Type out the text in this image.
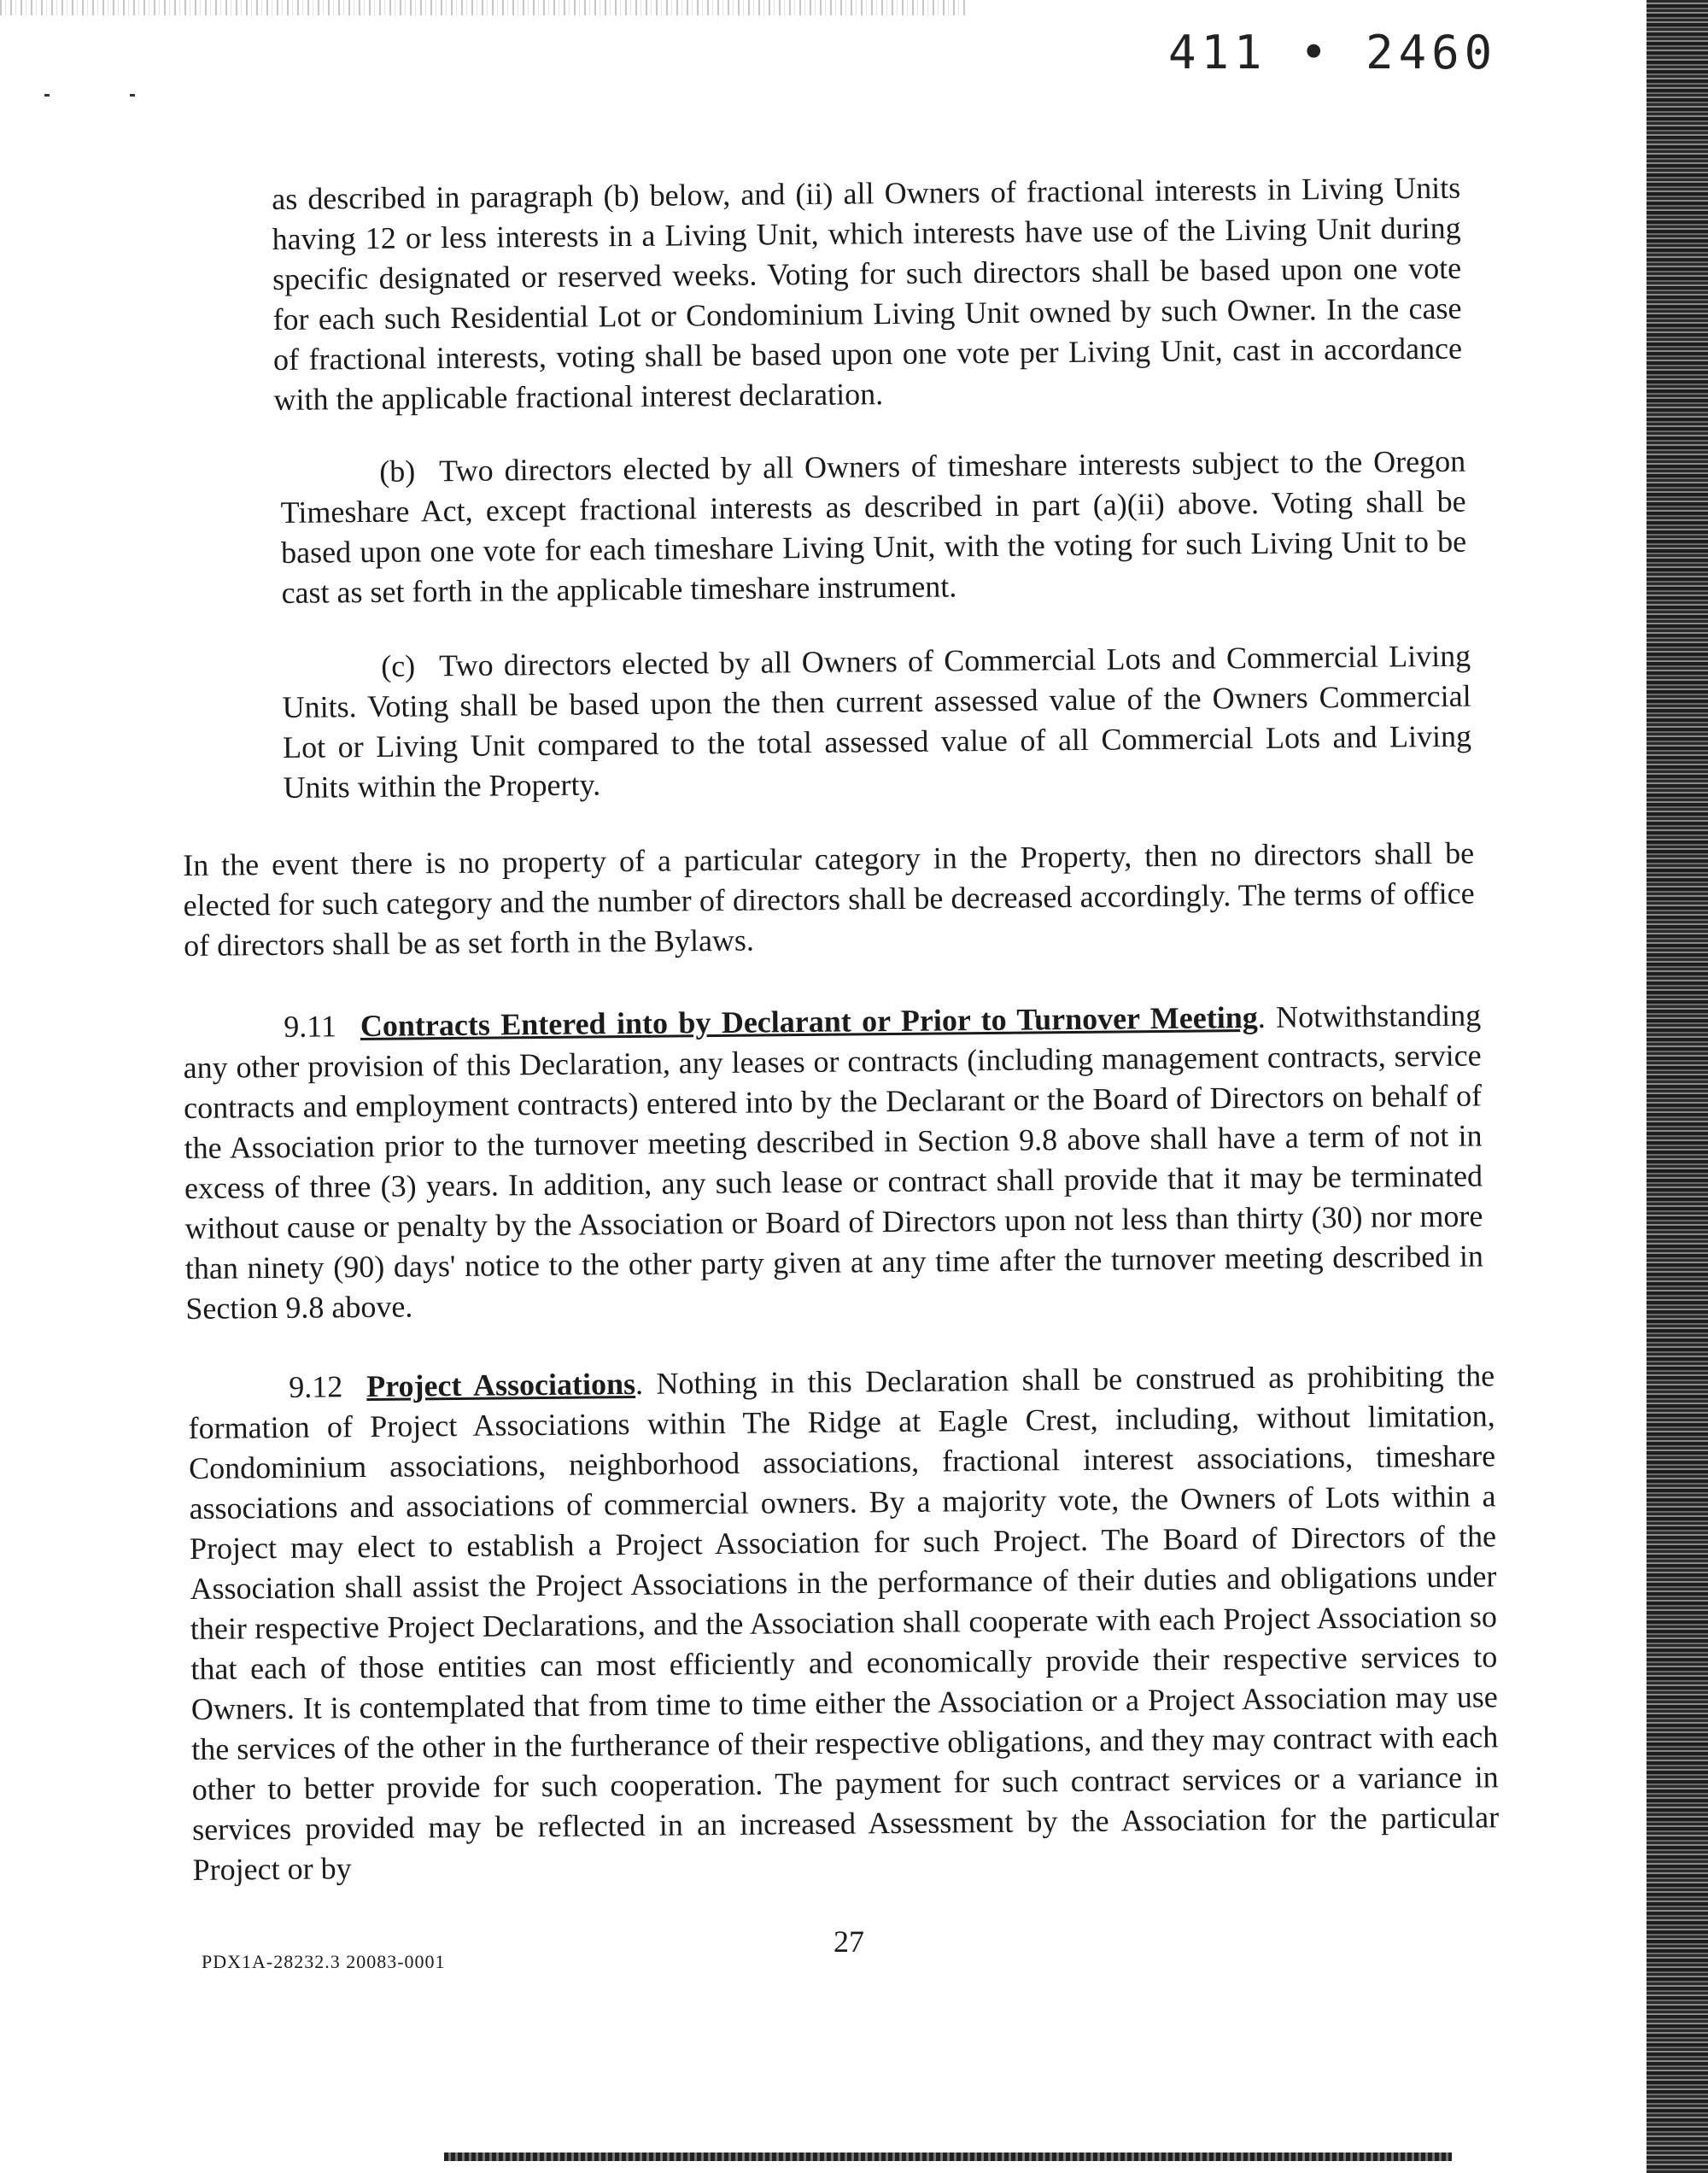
411 • 2460

as described in paragraph (b) below, and (ii) all Owners of fractional interests in Living Units having 12 or less interests in a Living Unit, which interests have use of the Living Unit during specific designated or reserved weeks. Voting for such directors shall be based upon one vote for each such Residential Lot or Condominium Living Unit owned by such Owner. In the case of fractional interests, voting shall be based upon one vote per Living Unit, cast in accordance with the applicable fractional interest declaration.

(b) Two directors elected by all Owners of timeshare interests subject to the Oregon Timeshare Act, except fractional interests as described in part (a)(ii) above. Voting shall be based upon one vote for each timeshare Living Unit, with the voting for such Living Unit to be cast as set forth in the applicable timeshare instrument.

(c) Two directors elected by all Owners of Commercial Lots and Commercial Living Units. Voting shall be based upon the then current assessed value of the Owners Commercial Lot or Living Unit compared to the total assessed value of all Commercial Lots and Living Units within the Property.

In the event there is no property of a particular category in the Property, then no directors shall be elected for such category and the number of directors shall be decreased accordingly. The terms of office of directors shall be as set forth in the Bylaws.

9.11 Contracts Entered into by Declarant or Prior to Turnover Meeting. Notwithstanding any other provision of this Declaration, any leases or contracts (including management contracts, service contracts and employment contracts) entered into by the Declarant or the Board of Directors on behalf of the Association prior to the turnover meeting described in Section 9.8 above shall have a term of not in excess of three (3) years. In addition, any such lease or contract shall provide that it may be terminated without cause or penalty by the Association or Board of Directors upon not less than thirty (30) nor more than ninety (90) days' notice to the other party given at any time after the turnover meeting described in Section 9.8 above.

9.12 Project Associations. Nothing in this Declaration shall be construed as prohibiting the formation of Project Associations within The Ridge at Eagle Crest, including, without limitation, Condominium associations, neighborhood associations, fractional interest associations, timeshare associations and associations of commercial owners. By a majority vote, the Owners of Lots within a Project may elect to establish a Project Association for such Project. The Board of Directors of the Association shall assist the Project Associations in the performance of their duties and obligations under their respective Project Declarations, and the Association shall cooperate with each Project Association so that each of those entities can most efficiently and economically provide their respective services to Owners. It is contemplated that from time to time either the Association or a Project Association may use the services of the other in the furtherance of their respective obligations, and they may contract with each other to better provide for such cooperation. The payment for such contract services or a variance in services provided may be reflected in an increased Assessment by the Association for the particular Project or by

27
PDX1A-28232.3 20083-0001
